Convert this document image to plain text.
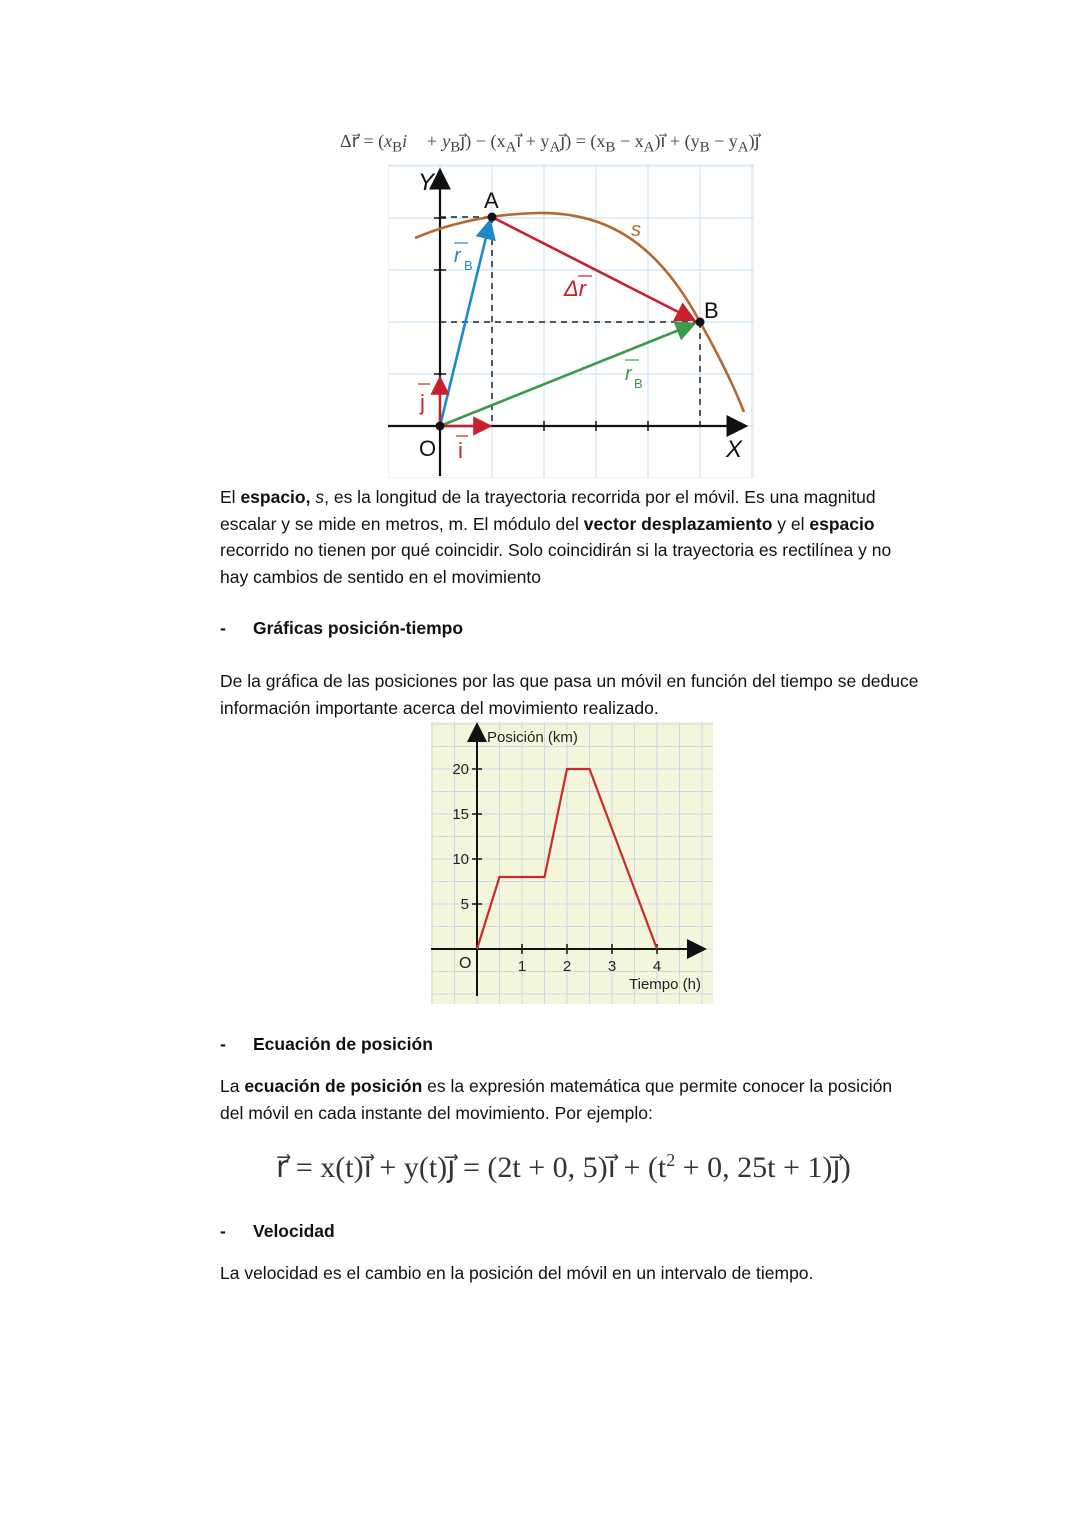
Δr⃗ = ($x_Bi⃗$ + $y_Bj⃗$) − ($x_Ai⃗$ + $y_Aj⃗) = (x_B$ − $x_A)i⃗ + (y_B$ − $y_A)j⃗$
s
A
B
O	X
Y
r B
r B
Δr
i
j
El espacio, s, es la longitud de la trayectoria recorrida por el móvil. Es una magnitud escalar y se mide en metros, m. El módulo del vector desplazamiento y el espacio recorrido no tienen por qué coincidir. Solo coincidirán si la trayectoria es rectilínea y no hay cambios de sentido en el movimiento
- Gráficas posición-tiempo
De la gráfica de las posiciones por las que pasa un móvil en función del tiempo se deduce información importante acerca del movimiento realizado.
1 2 3 4
5
10
15
20
Posición (km)
Tiempo (h)
O
- Ecuación de posición
La ecuación de posición es la expresión matemática que permite conocer la posición del móvil en cada instante del movimiento. Por ejemplo:
r⃗ = x(t)i⃗ + y(t)j⃗ = (2t + 0, 5)i⃗ + ($t^2 + 0$, 25t + 1)j⃗)
- Velocidad
La velocidad es el cambio en la posición del móvil en un intervalo de tiempo.
